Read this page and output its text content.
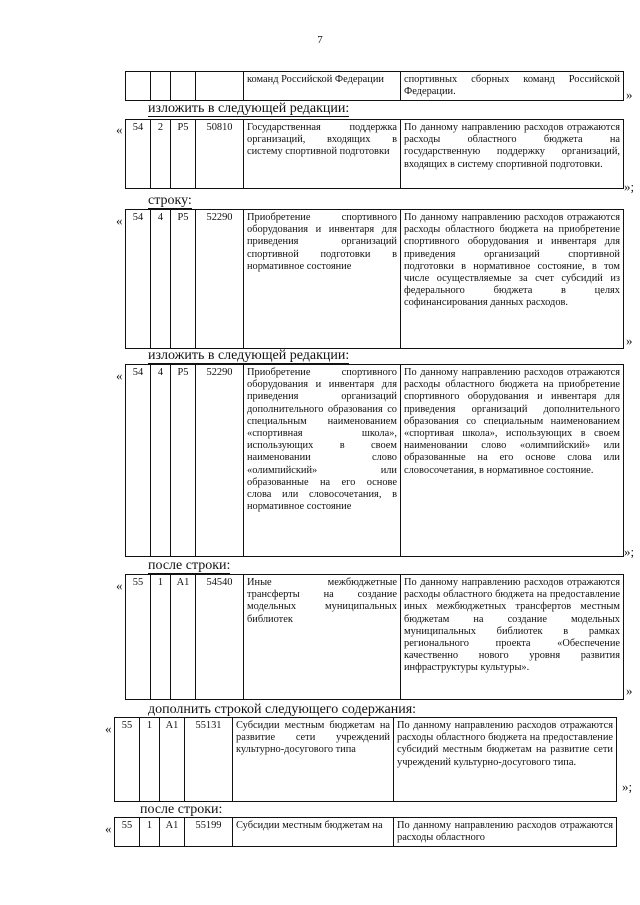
7
				команд Российской Федерации	спортивных сборных команд Российской Федерации.	»
изложить в следующей редакции:
« 54	2	P5	50810	Государственная поддержка организаций, входящих в систему спортивной подготовки	По данному направлению расходов отражаются расходы областного бюджета на государственную поддержку организаций, входящих в систему спортивной подготовки.
»;
строку:
« 54	4	P5	52290	Приобретение спортивного оборудования и инвентаря для приведения организаций спортивной подготовки в нормативное состояние	По данному направлению расходов отражаются расходы областного бюджета на приобретение спортивного оборудования и инвентаря для приведения организаций спортивной подготовки в нормативное состояние, в том числе осуществляемые за счет субсидий из федерального бюджета в целях софинансирования данных расходов.
»
изложить в следующей редакции:
« 54	4	P5	52290	Приобретение спортивного оборудования и инвентаря для приведения организаций дополнительного образования со специальным наименованием «спортивная школа», использующих в своем наименовании слово «олимпийский» или образованные на его основе слова или словосочетания, в нормативное состояние	По данному направлению расходов отражаются расходы областного бюджета на приобретение спортивного оборудования и инвентаря для приведения организаций дополнительного образования со специальным наименованием «спортивая школа», использующих в своем наименовании слово «олимпийский» или образованные на его основе слова или словосочетания, в нормативное состояние.
»;
после строки:
« 55	1	A1	54540	Иные межбюджетные трансферты на создание модельных муниципальных библиотек	По данному направлению расходов отражаются расходы областного бюджета на предоставление иных межбюджетных трансфертов местным бюджетам на создание модельных муниципальных библиотек в рамках регионального проекта «Обеспечение качественно нового уровня развития инфраструктуры культуры».
»
дополнить строкой следующего содержания:
« 55	1	A1	55131	Субсидии местным бюджетам на развитие сети учреждений культурно-досугового типа	По данному направлению расходов отражаются расходы областного бюджета на предоставление субсидий местным бюджетам на развитие сети учреждений культурно-досугового типа.
»;
после строки:
« 55	1	A1	55199	Субсидии местным бюджетам на	По данному направлению расходов отражаются расходы областного
